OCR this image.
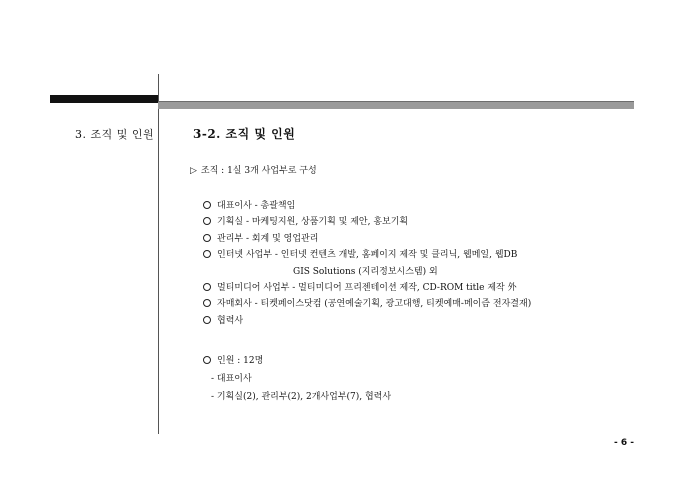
3. 조직 및 인원	3-2. 조직 및 인원
▷ 조직 : 1실 3개 사업부로 구성
대표이사 - 총괄책임
기획실 - 마케팅지원, 상품기획 및 제안, 홍보기획
관리부 - 회계 및 영업관리
인터넷 사업부 - 인터넷 컨텐츠 개발, 홈페이지 제작 및 클리닉, 웹메일, 웹DB
GIS Solutions (지리정보시스템) 외
멀티미디어 사업부 - 멀티미디어 프리젠테이션 제작, CD-ROM title 제작 外
자매회사 - 티켓페이스닷컴 (공연예술기획, 광고대행, 티켓예매-메이즘 전자결재)
협력사
인원 : 12명
- 대표이사
- 기획실(2), 관리부(2), 2개사업부(7), 협력사
- 6 -
